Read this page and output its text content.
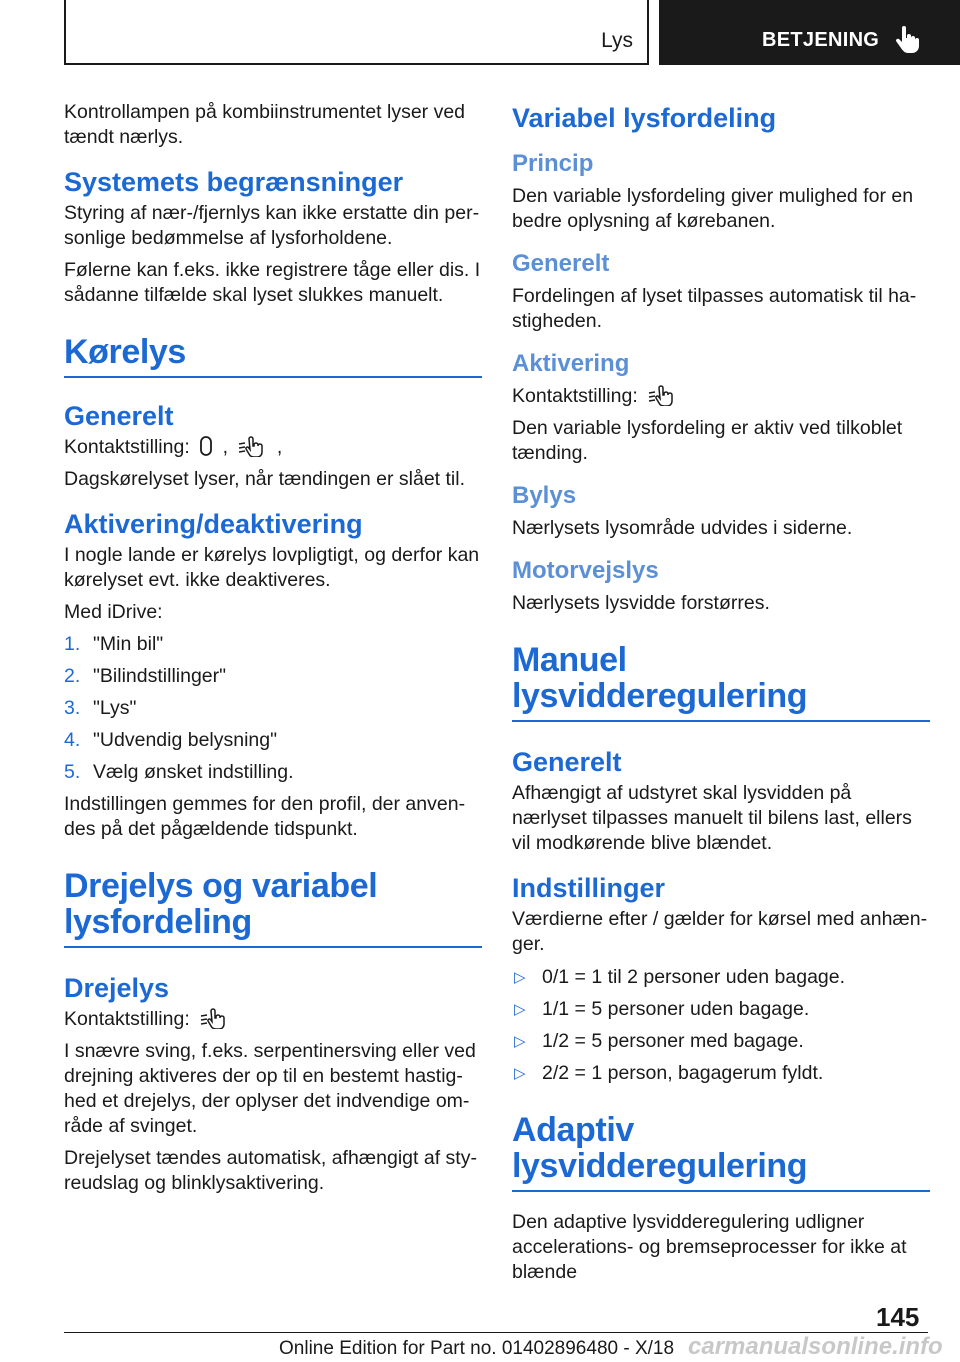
Lys	BETJENING

Kontrollampen på kombiinstrumentet lyser ved tændt nærlys.

Systemets begrænsninger

Styring af nær-/fjernlys kan ikke erstatte din personlige bedømmelse af lysforholdene.

Følerne kan f.eks. ikke registrere tåge eller dis. I sådanne tilfælde skal lyset slukkes manuelt.

Kørelys
Generelt

Kontaktstilling: ,	,

Dagskørelyset lyser, når tændingen er slået til.

Aktivering/deaktivering

I nogle lande er kørelys lovpligtigt, og derfor kan kørelyset evt. ikke deaktiveres.

Med iDrive:

1. "Min bil"
2. "Bilindstillinger"
3. "Lys"
4. "Udvendig belysning"
5. Vælg ønsket indstilling.

Indstillingen gemmes for den profil, der anvendes på det pågældende tidspunkt.

Drejelys og variabel lysfordeling
Drejelys

Kontaktstilling:

I snævre sving, f.eks. serpentinersving eller ved drejning aktiveres der op til en bestemt hastighed et drejelys, der oplyser det indvendige område af svinget.

Drejelyset tændes automatisk, afhængigt af styreudslag og blinklysaktivering.

Variabel lysfordeling
Princip

Den variable lysfordeling giver mulighed for en bedre oplysning af kørebanen.

Generelt

Fordelingen af lyset tilpasses automatisk til hastigheden.

Aktivering

Kontaktstilling:

Den variable lysfordeling er aktiv ved tilkoblet tænding.

Bylys

Nærlysets lysområde udvides i siderne.

Motorvejslys

Nærlysets lysvidde forstørres.

Manuel lysvidderegulering
Generelt

Afhængigt af udstyret skal lysvidden på nærlyset tilpasses manuelt til bilens last, ellers vil modkørende blive blændet.

Indstillinger

Værdierne efter / gælder for kørsel med anhænger.

▷ 0/1 = 1 til 2 personer uden bagage.
▷ 1/1 = 5 personer uden bagage.
▷ 1/2 = 5 personer med bagage.
▷ 2/2 = 1 person, bagagerum fyldt.
Adaptiv lysvidderegulering

Den adaptive lysvidderegulering udligner accelerations- og bremseprocesser for ikke at blænde

145
Online Edition for Part no. 01402896480 - X/18 carmanualsonline.info
